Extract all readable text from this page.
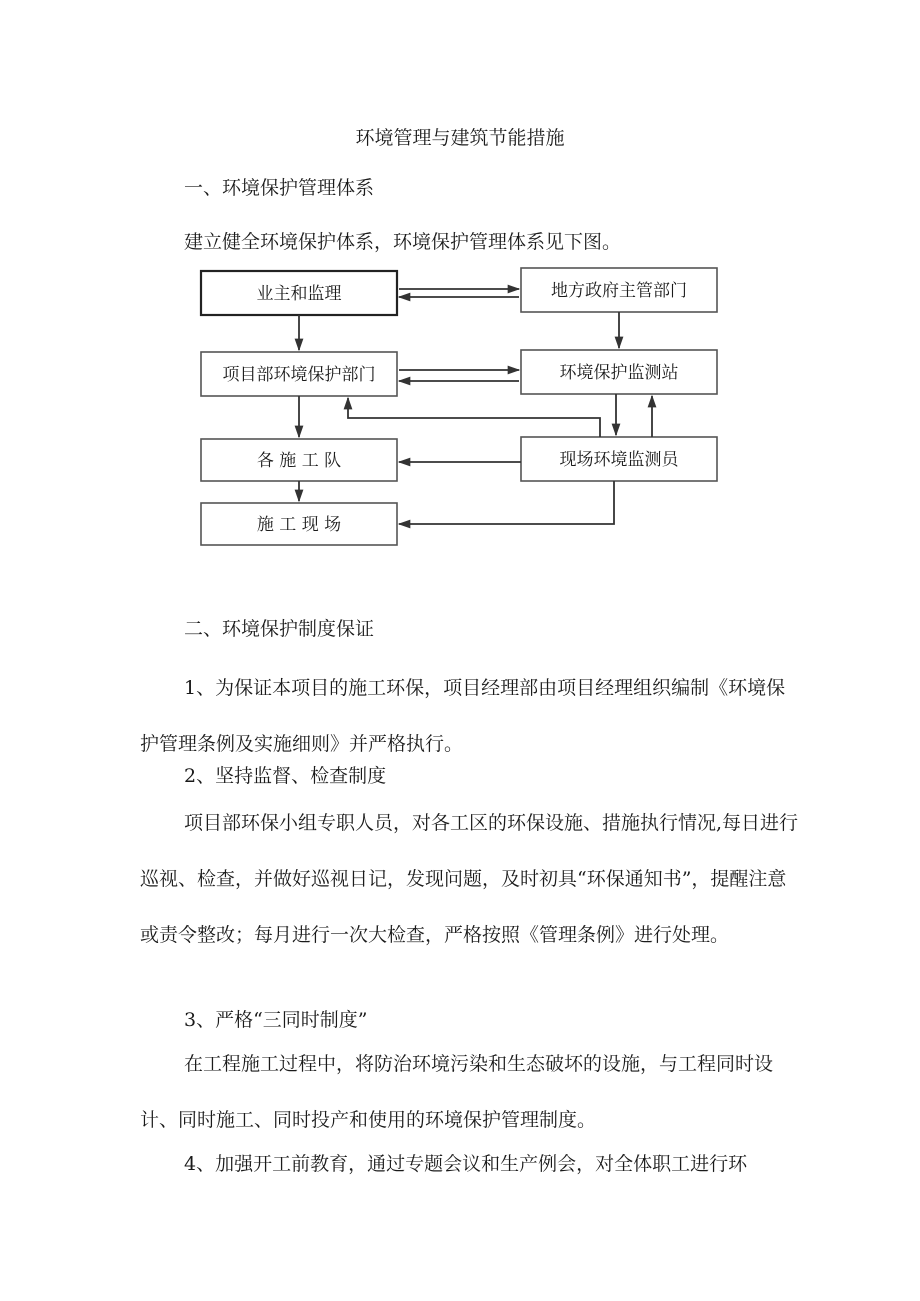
环境管理与建筑节能措施

一、环境保护管理体系

建立健全环境保护体系，环境保护管理体系见下图。

业主和监理	地方政府主管部门
项目部环境保护部门	环境保护监测站
各 施 工 队	现场环境监测员
施 工 现 场

二、环境保护制度保证

1、为保证本项目的施工环保，项目经理部由项目经理组织编制《环境保护管理条例及实施细则》并严格执行。

2、坚持监督、检查制度

项目部环保小组专职人员，对各工区的环保设施、措施执行情况,每日进行巡视、检查，并做好巡视日记，发现问题，及时初具“环保通知书”，提醒注意或责令整改；每月进行一次大检查，严格按照《管理条例》进行处理。

3、严格“三同时制度”

在工程施工过程中，将防治环境污染和生态破坏的设施，与工程同时设计、同时施工、同时投产和使用的环境保护管理制度。

4、加强开工前教育，通过专题会议和生产例会，对全体职工进行环
